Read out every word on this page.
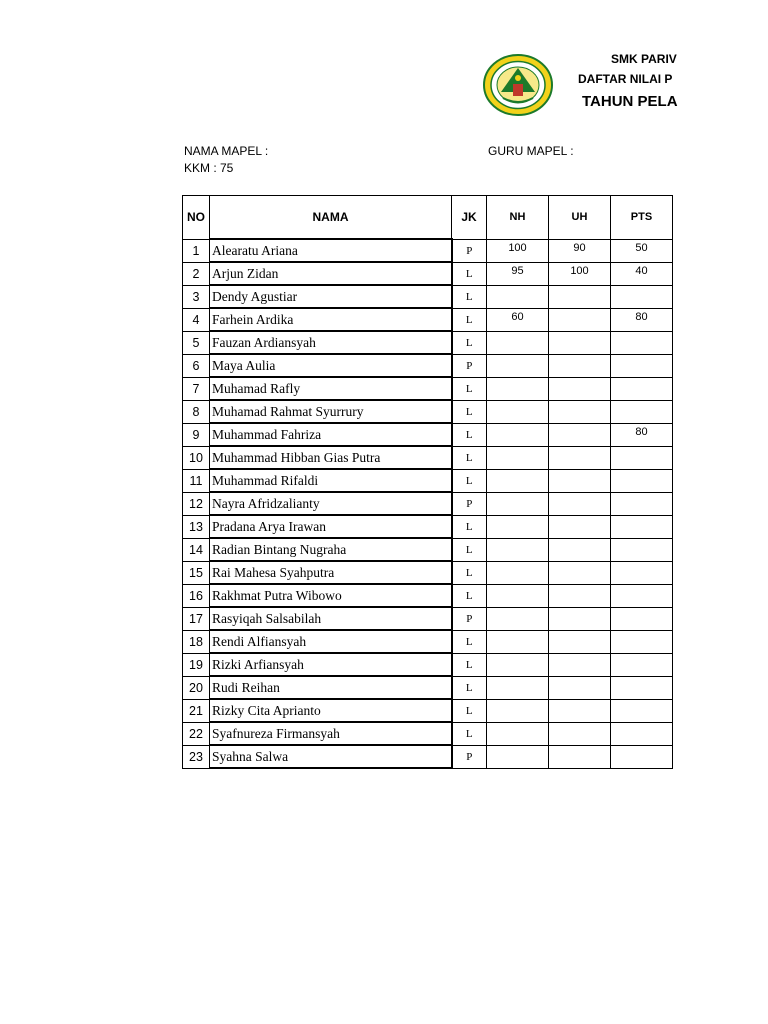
SMK PARIV
DAFTAR NILAI P
TAHUN PELA
NAMA MAPEL :	GURU MAPEL :
KKM : 75
NO	NAMA	JK	NH	UH	PTS
1	Alearatu Ariana	P	100	90	50
2	Arjun Zidan	L	95	100	40
3	Dendy Agustiar	L			
4	Farhein Ardika	L	60		80
5	Fauzan Ardiansyah	L			
6	Maya Aulia	P			
7	Muhamad Rafly	L			
8	Muhamad Rahmat Syurrury	L			
9	Muhammad Fahriza	L			80
10	Muhammad Hibban Gias Putra	L			
11	Muhammad Rifaldi	L			
12	Nayra Afridzalianty	P			
13	Pradana Arya Irawan	L			
14	Radian Bintang Nugraha	L			
15	Rai Mahesa Syahputra	L			
16	Rakhmat Putra Wibowo	L			
17	Rasyiqah Salsabilah	P			
18	Rendi Alfiansyah	L			
19	Rizki Arfiansyah	L			
20	Rudi Reihan	L			
21	Rizky Cita Aprianto	L			
22	Syafnureza Firmansyah	L			
23	Syahna Salwa	P			
